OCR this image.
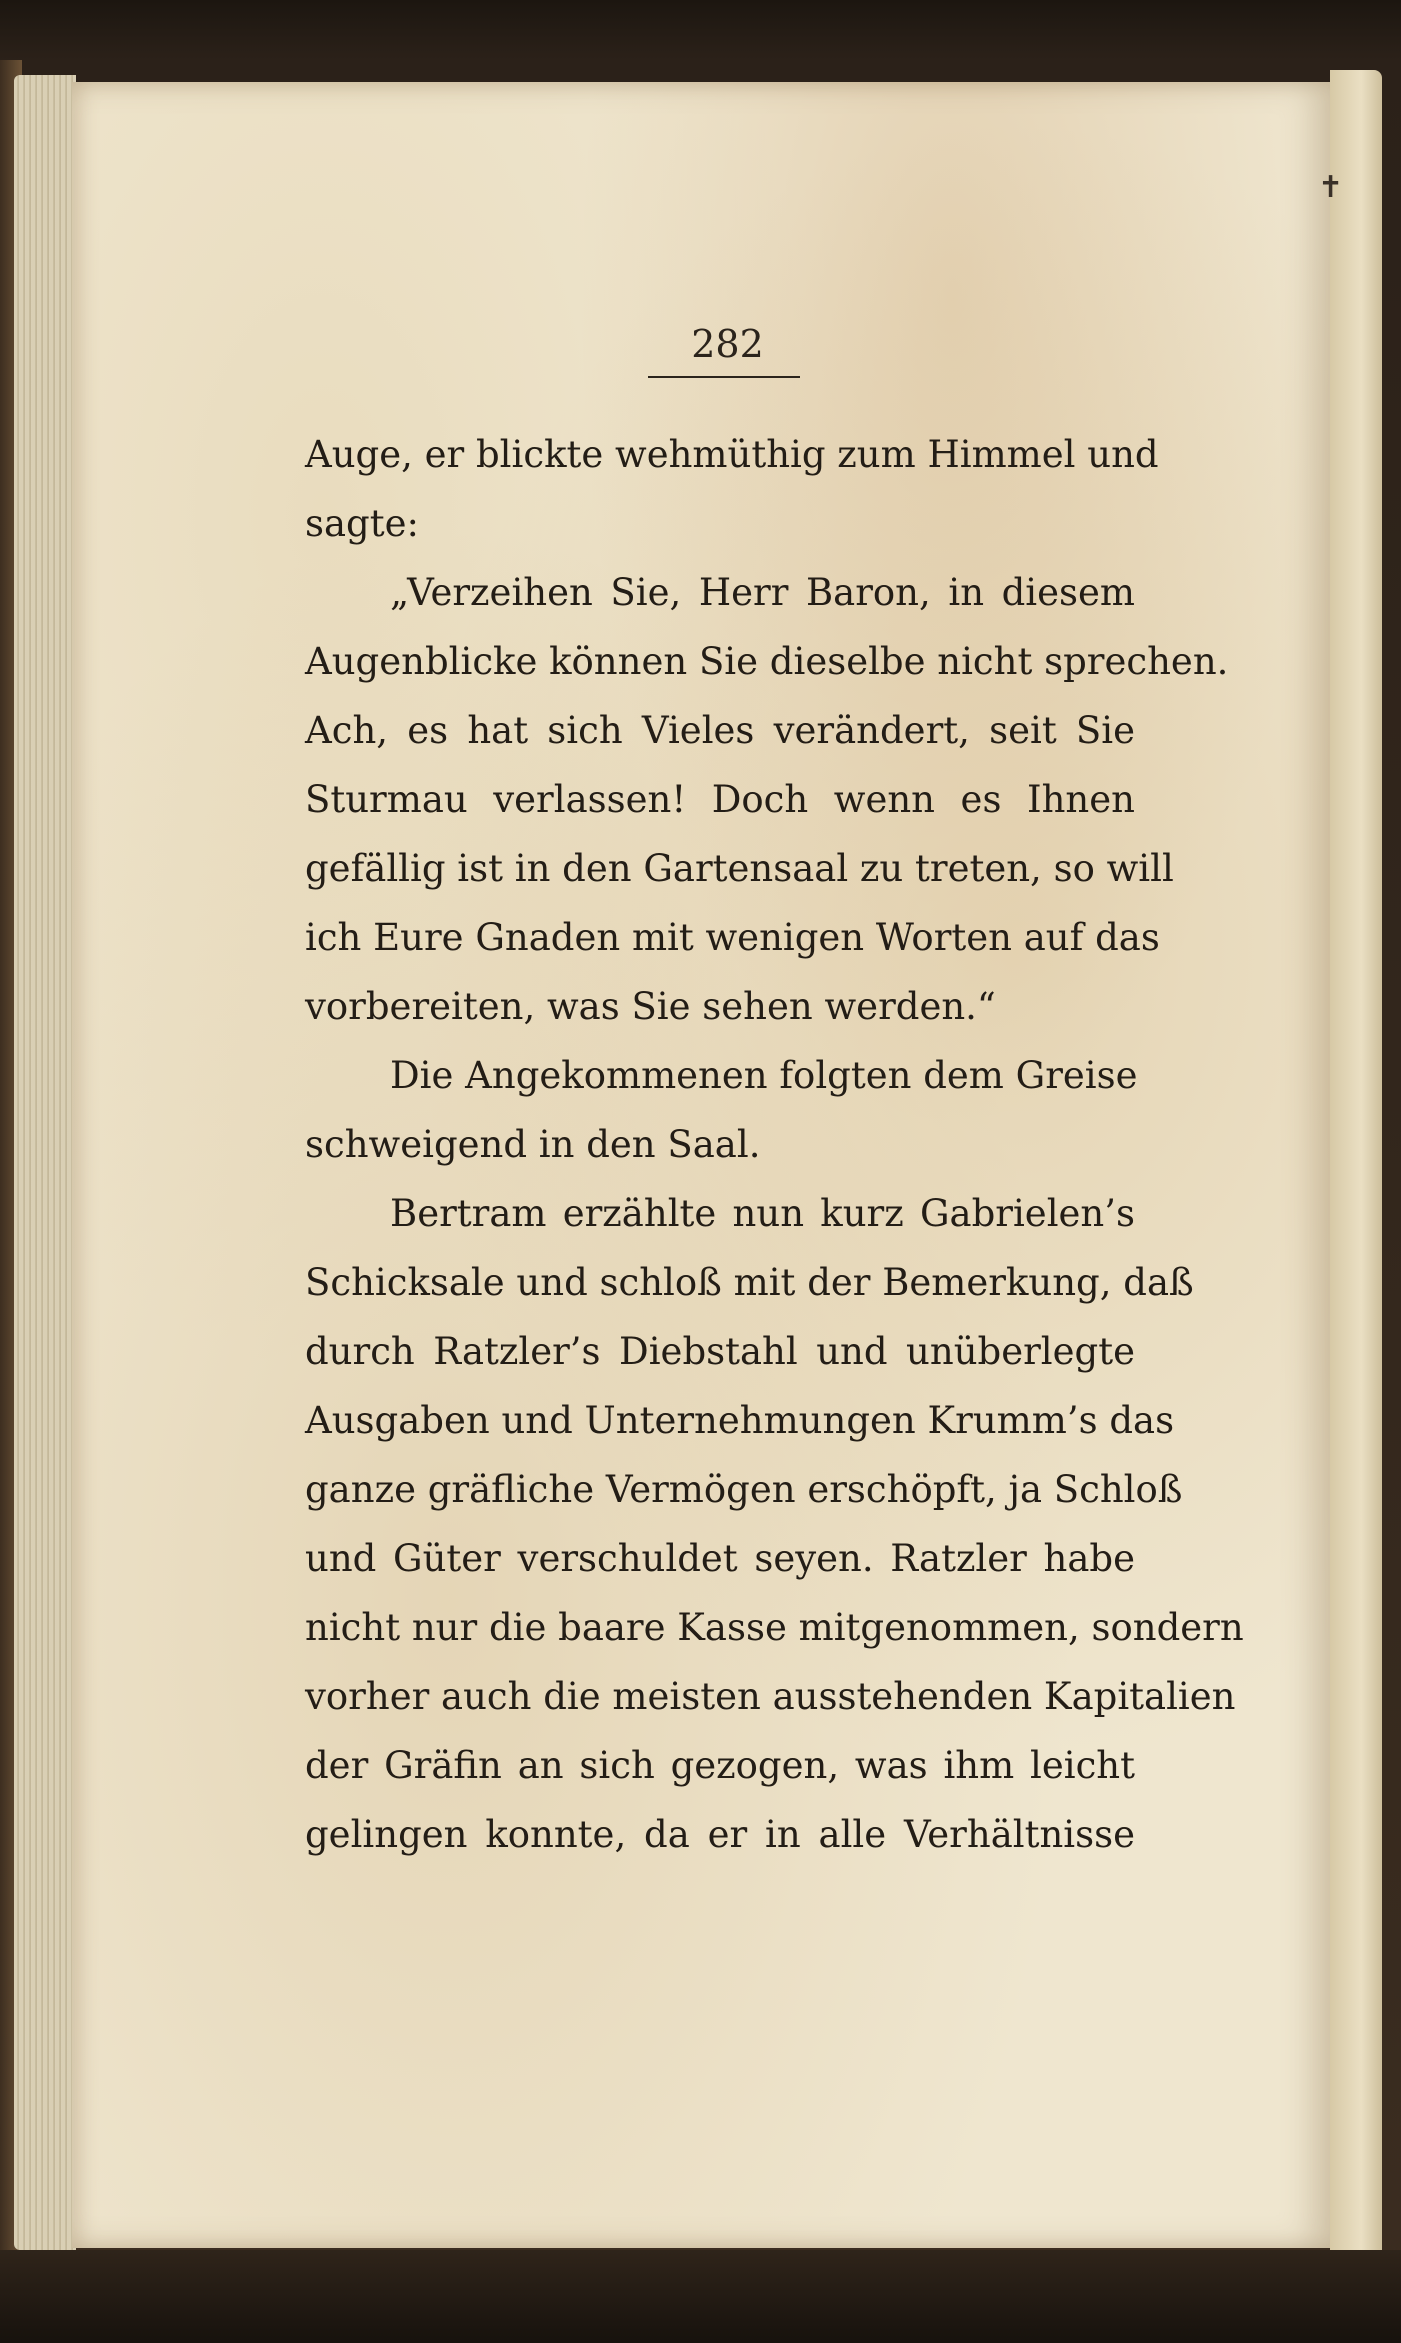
282
Auge, er blickte wehmüthig zum Himmel und
sagte:
„Verzeihen Sie, Herr Baron, in diesem
Augenblicke können Sie dieselbe nicht sprechen.
Ach, es hat sich Vieles verändert, seit Sie
Sturmau verlassen! Doch wenn es Ihnen
gefällig ist in den Gartensaal zu treten, so will
ich Eure Gnaden mit wenigen Worten auf das
vorbereiten, was Sie sehen werden.“
Die Angekommenen folgten dem Greise
schweigend in den Saal.
Bertram erzählte nun kurz Gabrielen’s
Schicksale und schloß mit der Bemerkung, daß
durch Ratzler’s Diebstahl und unüberlegte
Ausgaben und Unternehmungen Krumm’s das
ganze gräfliche Vermögen erschöpft, ja Schloß
und Güter verschuldet seyen. Ratzler habe
nicht nur die baare Kasse mitgenommen, sondern
vorher auch die meisten ausstehenden Kapitalien
der Gräfin an sich gezogen, was ihm leicht
gelingen konnte, da er in alle Verhältnisse
✝
